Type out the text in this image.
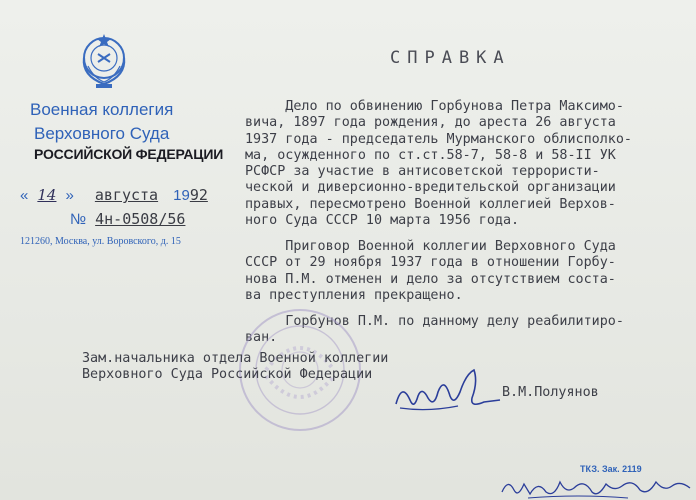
Военная коллегия
Верховного Суда
РОССИЙСКОЙ ФЕДЕРАЦИИ
« 14 » августа 1992
№ 4н-0508/56
121260, Москва, ул. Воровского, д. 15
СПРАВКА
Дело по обвинению Горбунова Петра Максимо-
вича, 1897 года рождения, до ареста 26 августа
1937 года - председатель Мурманского облисполко-
ма, осужденного по ст.ст.58-7, 58-8 и 58-II УК
РСФСР за участие в антисоветской террористи-
ческой и диверсионно-вредительской организации
правых, пересмотрено Военной коллегией Верхов-
ного Суда СССР 10 марта 1956 года.
Приговор Военной коллегии Верховного Суда
СССР от 29 ноября 1937 года в отношении Горбу-
нова П.М. отменен и дело за отсутствием соста-
ва преступления прекращено.
Горбунов П.М. по данному делу реабилитиро-
ван.
Зам.начальника отдела Военной коллегии
Верховного Суда Российской Федерации
В.М.Полуянов
ТКЗ. Зак. 2119
